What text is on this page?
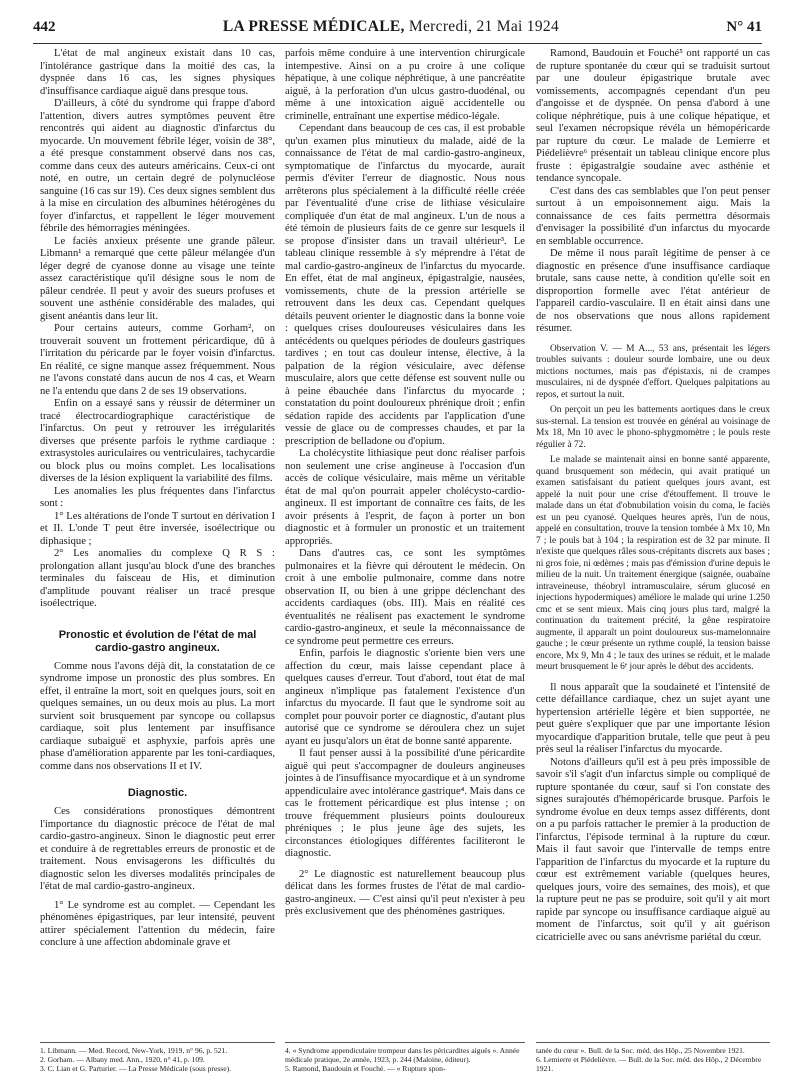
442	LA PRESSE MÉDICALE, Mercredi, 21 Mai 1924	N° 41

L'état de mal angineux existait dans 10 cas, l'intolérance gastrique dans la moitié des cas, la dyspnée dans 16 cas, les signes physiques d'insuffisance cardiaque aiguë dans presque tous.

D'ailleurs, à côté du syndrome qui frappe d'abord l'attention, divers autres symptômes peuvent être rencontrés qui aident au diagnostic d'infarctus du myocarde. Un mouvement fébrile léger, voisin de 38°, a été presque constamment observé dans nos cas, comme dans ceux des auteurs américains. Ceux-ci ont noté, en outre, un certain degré de polynucléose sanguine (16 cas sur 19). Ces deux signes semblent dus à la mise en circulation des albumines hétérogènes du foyer d'infarctus, et rappellent le léger mouvement fébrile des hémorragies méningées.

Le faciès anxieux présente une grande pâleur. Libmann¹ a remarqué que cette pâleur mélangée d'un léger degré de cyanose donne au visage une teinte assez caractéristique qu'il désigne sous le nom de pâleur cendrée. Il peut y avoir des sueurs profuses et souvent une asthénie considérable des malades, qui gisent anéantis dans leur lit.

Pour certains auteurs, comme Gorham², on trouverait souvent un frottement péricardique, dû à l'irritation du péricarde par le foyer voisin d'infarctus. En réalité, ce signe manque assez fréquemment. Nous ne l'avons constaté dans aucun de nos 4 cas, et Wearn ne l'a entendu que dans 2 de ses 19 observations.

Enfin on a essayé sans y réussir de déterminer un tracé électrocardiographique caractéristique de l'infarctus. On peut y retrouver les irrégularités diverses que présente parfois le rythme cardiaque : extrasystoles auriculaires ou ventriculaires, tachycardie ou block plus ou moins complet. Les localisations diverses de la lésion expliquent la variabilité des films.

Les anomalies les plus fréquentes dans l'infarctus sont :

1° Les altérations de l'onde T surtout en dérivation I et II. L'onde T peut être inversée, isoélectrique ou diphasique ;

2° Les anomalies du complexe Q R S : prolongation allant jusqu'au block d'une des branches terminales du faisceau de His, et diminution d'amplitude pouvant réaliser un tracé presque isoélectrique.

Pronostic et évolution de l'état de mal cardio-gastro angineux.

Comme nous l'avons déjà dit, la constatation de ce syndrome impose un pronostic des plus sombres. En effet, il entraîne la mort, soit en quelques jours, soit en quelques semaines, un ou deux mois au plus. La mort survient soit brusquement par syncope ou collapsus cardiaque, soit plus lentement par insuffisance cardiaque subaiguë et asphyxie, parfois après une phase d'amélioration apparente par les toni-cardiaques, comme dans nos observations II et IV.

Diagnostic.

Ces considérations pronostiques démontrent l'importance du diagnostic précoce de l'état de mal cardio-gastro-angineux. Sinon le diagnostic peut errer et conduire à de regrettables erreurs de pronostic et de traitement. Nous envisagerons les difficultés du diagnostic selon les diverses modalités principales de l'état de mal cardio-gastro-angineux.

1° Le syndrome est au complet. — Cependant les phénomènes épigastriques, par leur intensité, peuvent attirer spécialement l'attention du médecin, faire conclure à une affection abdominale grave et

parfois même conduire à une intervention chirurgicale intempestive. Ainsi on a pu croire à une colique hépatique, à une colique néphrétique, à une pancréatite aiguë, à la perforation d'un ulcus gastro-duodénal, ou même à une intoxication aiguë accidentelle ou criminelle, entraînant une expertise médico-légale.

Cependant dans beaucoup de ces cas, il est probable qu'un examen plus minutieux du malade, aidé de la connaissance de l'état de mal cardio-gastro-angineux, symptomatique de l'infarctus du myocarde, aurait permis d'éviter l'erreur de diagnostic. Nous nous arrêterons plus spécialement à la difficulté réelle créée par l'éventualité d'une crise de lithiase vésiculaire compliquée d'un état de mal angineux. L'un de nous a été témoin de plusieurs faits de ce genre sur lesquels il se propose d'insister dans un travail ultérieur³. Le tableau clinique ressemble à s'y méprendre à l'état de mal cardio-gastro-angineux de l'infarctus du myocarde. En effet, état de mal angineux, épigastralgie, nausées, vomissements, chute de la pression artérielle se retrouvent dans les deux cas. Cependant quelques détails peuvent orienter le diagnostic dans la bonne voie : quelques crises douloureuses vésiculaires dans les antécédents ou quelques périodes de douleurs gastriques tardives ; en tout cas douleur intense, élective, à la palpation de la région vésiculaire, avec défense musculaire, alors que cette défense est souvent nulle ou à peine ébauchée dans l'infarctus du myocarde ; constatation du point douloureux phrénique droit ; enfin sédation rapide des accidents par l'application d'une vessie de glace ou de compresses chaudes, et par la prescription de belladone ou d'opium.

La cholécystite lithiasique peut donc réaliser parfois non seulement une crise angineuse à l'occasion d'un accès de colique vésiculaire, mais même un véritable état de mal qu'on pourrait appeler cholécysto-cardio-angineux. Il est important de connaître ces faits, de les avoir présents à l'esprit, de façon à porter un bon diagnostic et à formuler un pronostic et un traitement appropriés.

Dans d'autres cas, ce sont les symptômes pulmonaires et la fièvre qui déroutent le médecin. On croit à une embolie pulmonaire, comme dans notre observation II, ou bien à une grippe déclenchant des accidents cardiaques (obs. III). Mais en réalité ces éventualités ne réalisent pas exactement le syndrome cardio-gastro-angineux, et seule la méconnaissance de ce syndrome peut permettre ces erreurs.

Enfin, parfois le diagnostic s'oriente bien vers une affection du cœur, mais laisse cependant place à quelques causes d'erreur. Tout d'abord, tout état de mal angineux n'implique pas fatalement l'existence d'un infarctus du myocarde. Il faut que le syndrome soit au complet pour pouvoir porter ce diagnostic, d'autant plus autorisé que ce syndrome se déroulera chez un sujet ayant eu jusqu'alors un état de bonne santé apparente.

Il faut penser aussi à la possibilité d'une péricardite aiguë qui peut s'accompagner de douleurs angineuses jointes à de l'insuffisance myocardique et à un syndrome appendiculaire avec intolérance gastrique⁴. Mais dans ce cas le frottement péricardique est plus intense ; on trouve fréquemment plusieurs points douloureux phréniques ; le plus jeune âge des sujets, les circonstances étiologiques différentes faciliteront le diagnostic.

2° Le diagnostic est naturellement beaucoup plus délicat dans les formes frustes de l'état de mal cardio-gastro-angineux. — C'est ainsi qu'il peut n'exister à peu près exclusivement que des phénomènes gastriques.

Ramond, Baudouin et Fouché⁵ ont rapporté un cas de rupture spontanée du cœur qui se traduisit surtout par une douleur épigastrique brutale avec vomissements, accompagnés cependant d'un peu d'angoisse et de dyspnée. On pensa d'abord à une colique néphrétique, puis à une colique hépatique, et seul l'examen nécropsique révéla un hémopéricarde par rupture du cœur. Le malade de Lemierre et Piédelièvre⁶ présentait un tableau clinique encore plus fruste : épigastralgie soudaine avec asthénie et tendance syncopale.

C'est dans des cas semblables que l'on peut penser surtout à un empoisonnement aigu. Mais la connaissance de ces faits permettra désormais d'envisager la possibilité d'un infarctus du myocarde en semblable occurrence.

De même il nous paraît légitime de penser à ce diagnostic en présence d'une insuffisance cardiaque brutale, sans cause nette, à condition qu'elle soit en disproportion formelle avec l'état antérieur de l'appareil cardio-vasculaire. Il en était ainsi dans une de nos observations que nous allons rapidement résumer.

Observation V. — M A..., 53 ans, présentait les légers troubles suivants : douleur sourde lombaire, une ou deux mictions nocturnes, mais pas d'épistaxis, ni de crampes musculaires, ni de dyspnée d'effort. Quelques palpitations au repos, et surtout la nuit.

On perçoit un peu les battements aortiques dans le creux sus-sternal. La tension est trouvée en général au voisinage de Mx 18, Mn 10 avec le phono-sphygmomètre ; le pouls reste régulier à 72.

Le malade se maintenait ainsi en bonne santé apparente, quand brusquement son médecin, qui avait pratiqué un examen satisfaisant du patient quelques jours avant, est appelé la nuit pour une crise d'étouffement. Il trouve le malade dans un état d'obnubilation voisin du coma, le faciès est un peu cyanosé. Quelques heures après, l'un de nous, appelé en consultation, trouve la tension tombée à Mx 10, Mn 7 ; le pouls bat à 104 ; la respiration est de 32 par minute. Il n'existe que quelques râles sous-crépitants discrets aux bases ; ni gros foie, ni œdèmes ; mais pas d'émission d'urine depuis le milieu de la nuit. Un traitement énergique (saignée, ouabaïne intraveineuse, théobryl intramusculaire, sérum glucosé en injections hypodermiques) améliore le malade qui urine 1.250 cmc et se sent mieux. Mais cinq jours plus tard, malgré la continuation du traitement précité, la gêne respiratoire augmente, il apparaît un point douloureux sus-mamelonnaire gauche ; le cœur présente un rythme couplé, la tension baisse encore, Mx 9, Mn 4 ; le taux des urines se réduit, et le malade meurt brusquement le 6ᵉ jour après le début des accidents.

Il nous apparaît que la soudaineté et l'intensité de cette défaillance cardiaque, chez un sujet ayant une hypertension artérielle légère et bien supportée, ne peut guère s'expliquer que par une importante lésion myocardique d'apparition brutale, telle que peut à peu près seul la réaliser l'infarctus du myocarde.

Notons d'ailleurs qu'il est à peu près impossible de savoir s'il s'agit d'un infarctus simple ou compliqué de rupture spontanée du cœur, sauf si l'on constate des signes surajoutés d'hémopéricarde brusque. Parfois le syndrome évolue en deux temps assez différents, dont on a pu parfois rattacher le premier à la production de l'infarctus, l'épisode terminal à la rupture du cœur. Mais il faut savoir que l'intervalle de temps entre l'apparition de l'infarctus du myocarde et la rupture du cœur est extrêmement variable (quelques heures, quelques jours, voire des semaines, des mois), et que la rupture peut ne pas se produire, soit qu'il y ait mort rapide par syncope ou insuffisance cardiaque aiguë au moment de l'infarctus, soit qu'il y ait guérison cicatricielle avec ou sans anévrisme pariétal du cœur.

1. Libmann. — Med. Record, New-York, 1919, n° 96, p. 521.
2. Gorham. — Albany med. Ann., 1920, n° 41, p. 109.
3. C. Lian et G. Parturier. — La Presse Médicale (sous presse).
4. « Syndrome appendiculaire trompeur dans les péricardites aiguës ». Année médicale pratique, 2e année, 1923, p. 244 (Maloine, éditeur).
5. Ramond, Baudouin et Fouché. — « Rupture spon-
tanée du cœur ». Bull. de la Soc. méd. des Hôp., 25 Novembre 1921.
6. Lemierre et Piédelièvre. — Bull. de la Soc. méd. des Hôp., 2 Décembre 1921.
